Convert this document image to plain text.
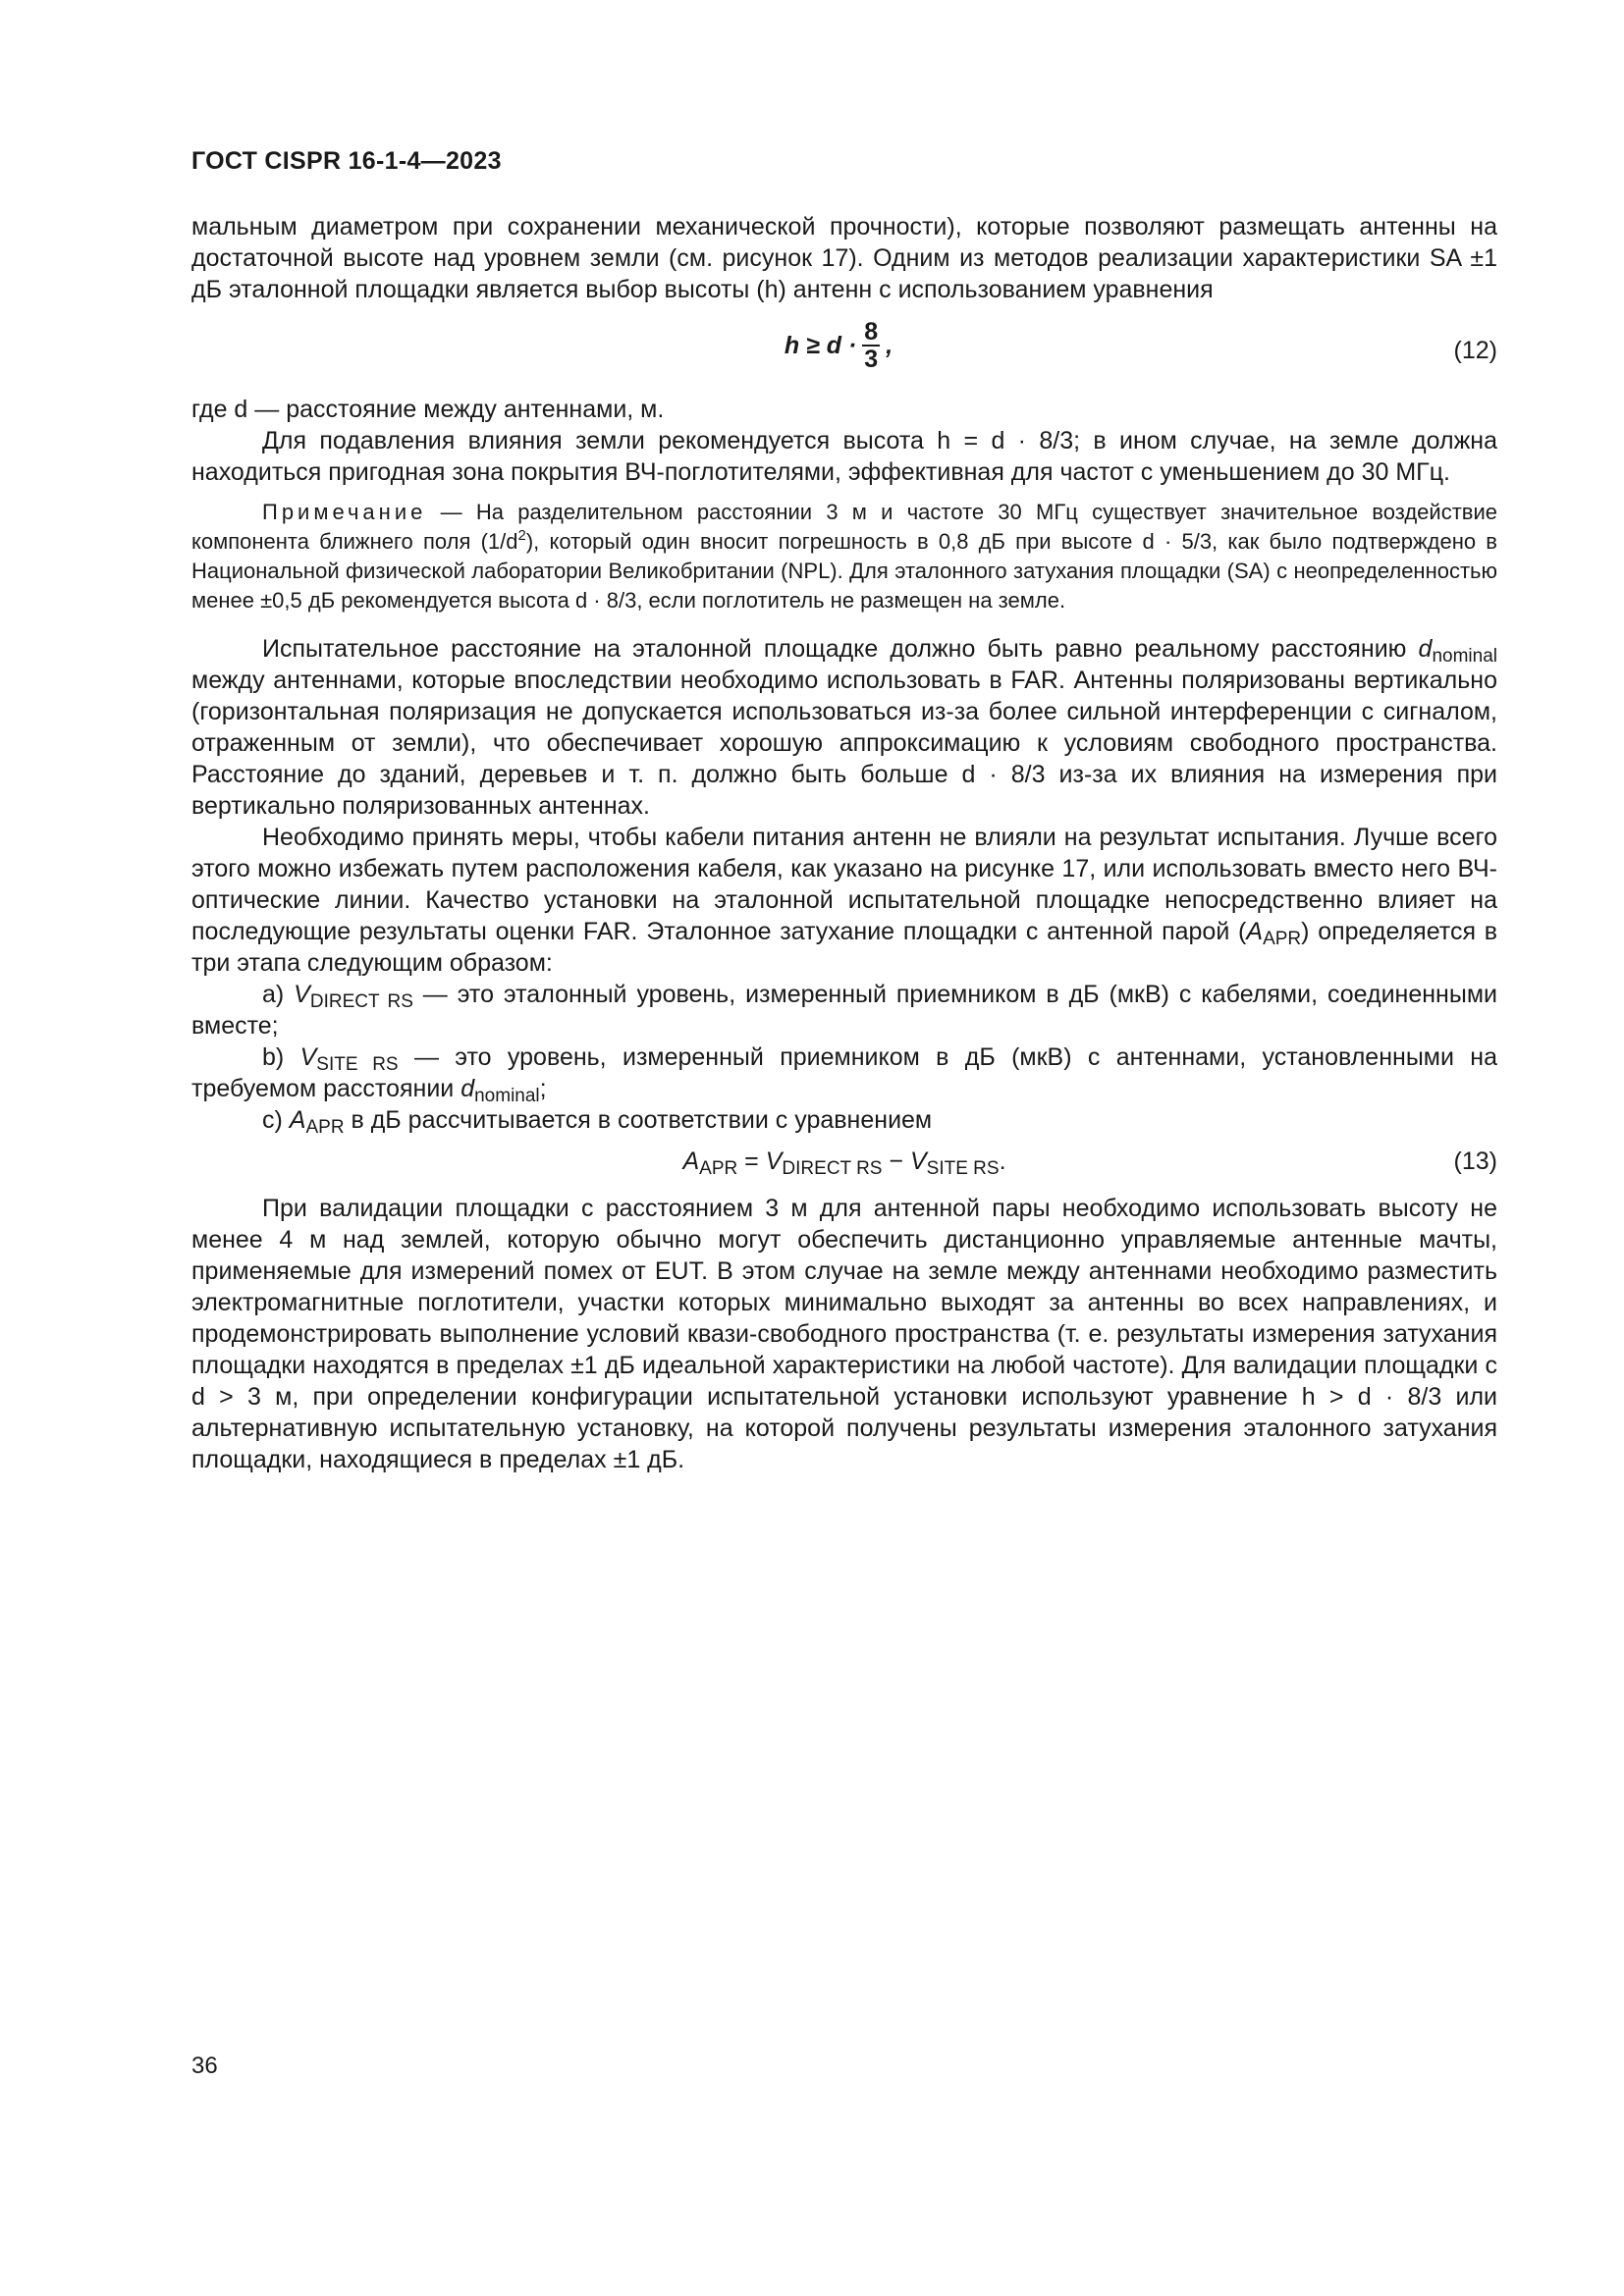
ГОСТ CISPR 16-1-4—2023

мальным диаметром при сохранении механической прочности), которые позволяют размещать антенны на достаточной высоте над уровнем земли (см. рисунок 17). Одним из методов реализации характеристики SA ±1 дБ эталонной площадки является выбор высоты (h) антенн с использованием уравнения

$h \ge d \cdot \frac{8}{3}$ ,	(12)

где d — расстояние между антеннами, м.

Для подавления влияния земли рекомендуется высота h = d · 8/3; в ином случае, на земле должна находиться пригодная зона покрытия ВЧ-поглотителями, эффективная для частот с уменьшением до 30 МГц.

Примечание — На разделительном расстоянии 3 м и частоте 30 МГц существует значительное воздействие компонента ближнего поля $(1/d^2)$, который один вносит погрешность в 0,8 дБ при высоте d · 5/3, как было подтверждено в Национальной физической лаборатории Великобритании (NPL). Для эталонного затухания площадки (SA) с неопределенностью менее ±0,5 дБ рекомендуется высота d · 8/3, если поглотитель не размещен на земле.

Испытательное расстояние на эталонной площадке должно быть равно реальному расстоянию $d_{nominal}$ между антеннами, которые впоследствии необходимо использовать в FAR. Антенны поляризованы вертикально (горизонтальная поляризация не допускается использоваться из-за более сильной интерференции с сигналом, отраженным от земли), что обеспечивает хорошую аппроксимацию к условиям свободного пространства. Расстояние до зданий, деревьев и т. п. должно быть больше d · 8/3 из-за их влияния на измерения при вертикально поляризованных антеннах.

Необходимо принять меры, чтобы кабели питания антенн не влияли на результат испытания. Лучше всего этого можно избежать путем расположения кабеля, как указано на рисунке 17, или использовать вместо него ВЧ-оптические линии. Качество установки на эталонной испытательной площадке непосредственно влияет на последующие результаты оценки FAR. Эталонное затухание площадки с антенной парой $(A_{APR})$ определяется в три этапа следующим образом:

a) $V_{DIRECT RS}$ — это эталонный уровень, измеренный приемником в дБ (мкВ) с кабелями, соединенными вместе;

b) $V_{SITE RS}$ — это уровень, измеренный приемником в дБ (мкВ) с антеннами, установленными на требуемом расстоянии $d_{nominal}$;

c) $A_{APR}$ в дБ рассчитывается в соответствии с уравнением

$A_{APR} = V_{DIRECT RS} - V_{SITE RS}$.	(13)

При валидации площадки с расстоянием 3 м для антенной пары необходимо использовать высоту не менее 4 м над землей, которую обычно могут обеспечить дистанционно управляемые антенные мачты, применяемые для измерений помех от EUT. В этом случае на земле между антеннами необходимо разместить электромагнитные поглотители, участки которых минимально выходят за антенны во всех направлениях, и продемонстрировать выполнение условий квази-свободного пространства (т. е. результаты измерения затухания площадки находятся в пределах ±1 дБ идеальной характеристики на любой частоте). Для валидации площадки с d > 3 м, при определении конфигурации испытательной установки используют уравнение h > d · 8/3 или альтернативную испытательную установку, на которой получены результаты измерения эталонного затухания площадки, находящиеся в пределах ±1 дБ.

36
